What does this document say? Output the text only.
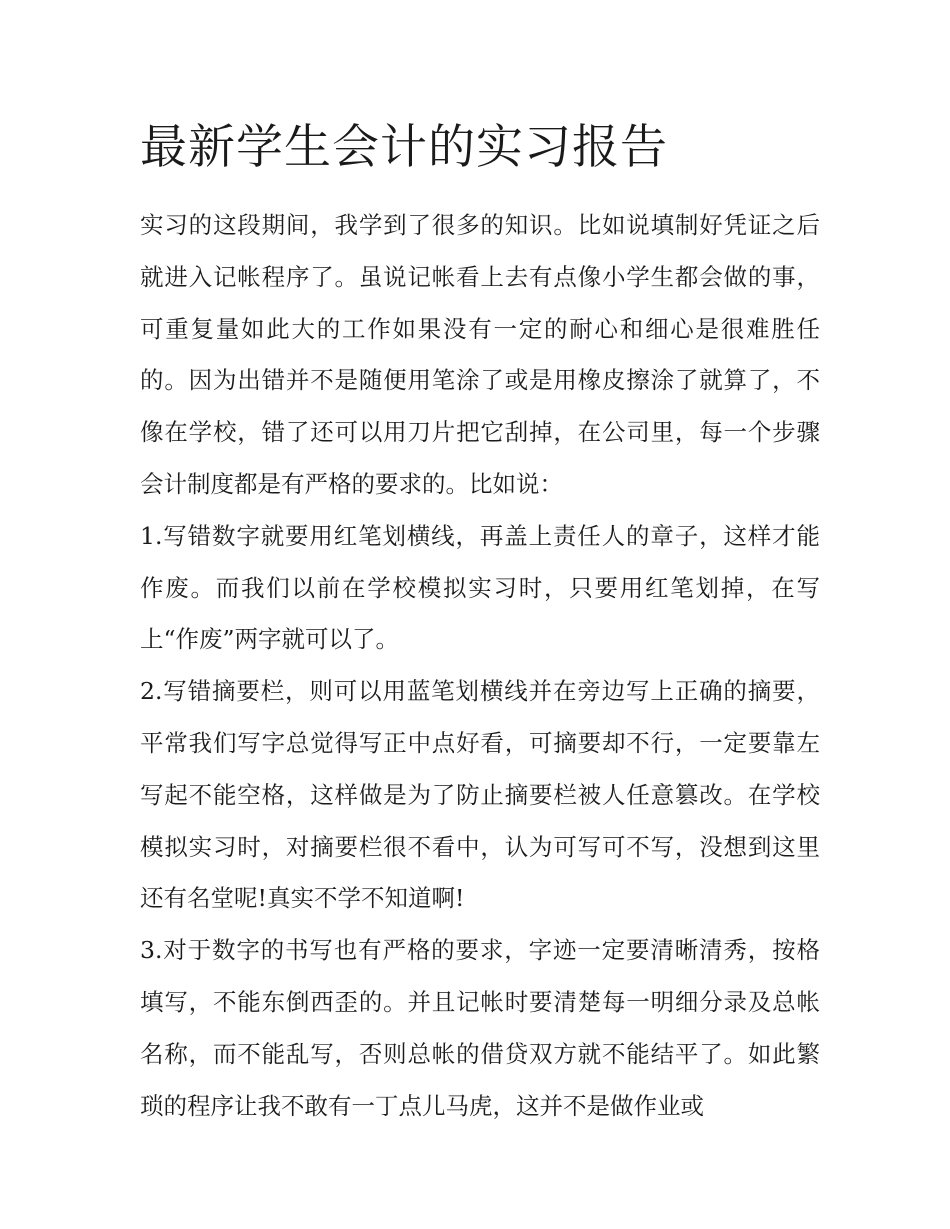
最新学生会计的实习报告

实习的这段期间，我学到了很多的知识。比如说填制好凭证之后就进入记帐程序了。虽说记帐看上去有点像小学生都会做的事，可重复量如此大的工作如果没有一定的耐心和细心是很难胜任的。因为出错并不是随便用笔涂了或是用橡皮擦涂了就算了，不像在学校，错了还可以用刀片把它刮掉，在公司里，每一个步骤会计制度都是有严格的要求的。比如说：

1.写错数字就要用红笔划横线，再盖上责任人的章子，这样才能作废。而我们以前在学校模拟实习时，只要用红笔划掉，在写上“作废”两字就可以了。

2.写错摘要栏，则可以用蓝笔划横线并在旁边写上正确的摘要，平常我们写字总觉得写正中点好看，可摘要却不行，一定要靠左写起不能空格，这样做是为了防止摘要栏被人任意篡改。在学校模拟实习时，对摘要栏很不看中，认为可写可不写，没想到这里还有名堂呢!真实不学不知道啊!

3.对于数字的书写也有严格的要求，字迹一定要清晰清秀，按格填写，不能东倒西歪的。并且记帐时要清楚每一明细分录及总帐名称，而不能乱写，否则总帐的借贷双方就不能结平了。如此繁琐的程序让我不敢有一丁点儿马虎，这并不是做作业或
